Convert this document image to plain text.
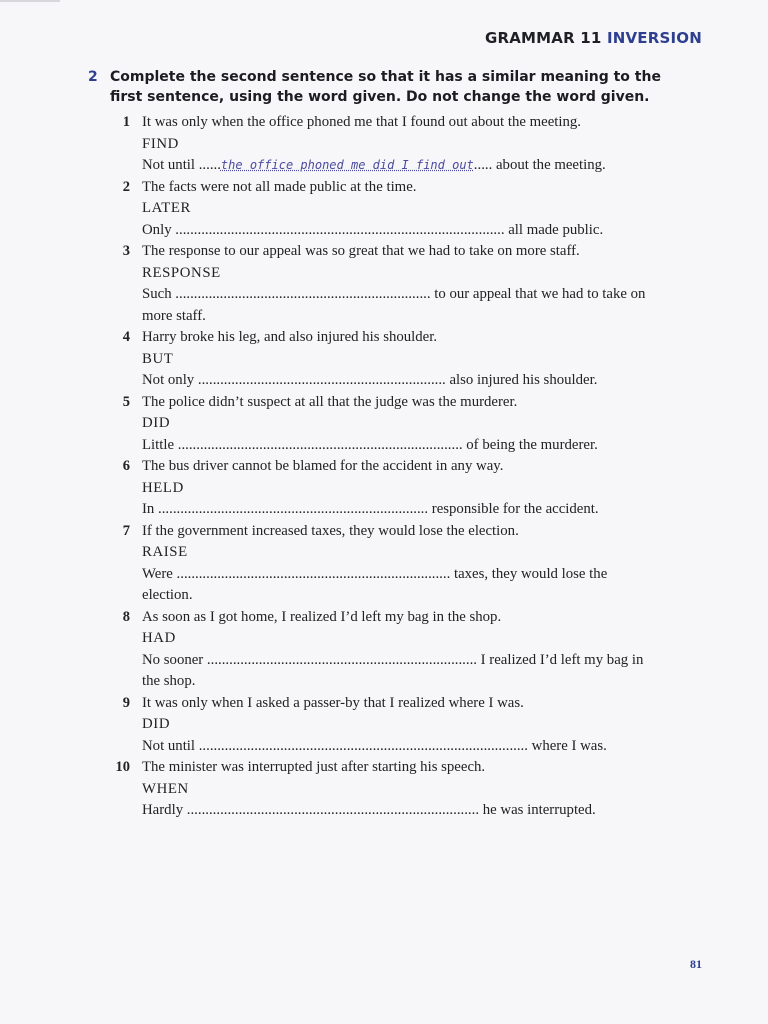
GRAMMAR 11 INVERSION
2 Complete the second sentence so that it has a similar meaning to the first sentence, using the word given. Do not change the word given.
1 It was only when the office phoned me that I found out about the meeting.
FIND
Not until ......the office phoned me did I find out..... about the meeting.
2 The facts were not all made public at the time.
LATER
Only ......................................................................................... all made public.
3 The response to our appeal was so great that we had to take on more staff.
RESPONSE
Such ..................................................................... to our appeal that we had to take on
more staff.
4 Harry broke his leg, and also injured his shoulder.
BUT
Not only ................................................................... also injured his shoulder.
5 The police didn’t suspect at all that the judge was the murderer.
DID
Little ............................................................................. of being the murderer.
6 The bus driver cannot be blamed for the accident in any way.
HELD
In ......................................................................... responsible for the accident.
7 If the government increased taxes, they would lose the election.
RAISE
Were .......................................................................... taxes, they would lose the
election.
8 As soon as I got home, I realized I’d left my bag in the shop.
HAD
No sooner ......................................................................... I realized I’d left my bag in
the shop.
9 It was only when I asked a passer-by that I realized where I was.
DID
Not until ......................................................................................... where I was.
10 The minister was interrupted just after starting his speech.
WHEN
Hardly ............................................................................... he was interrupted.
81
